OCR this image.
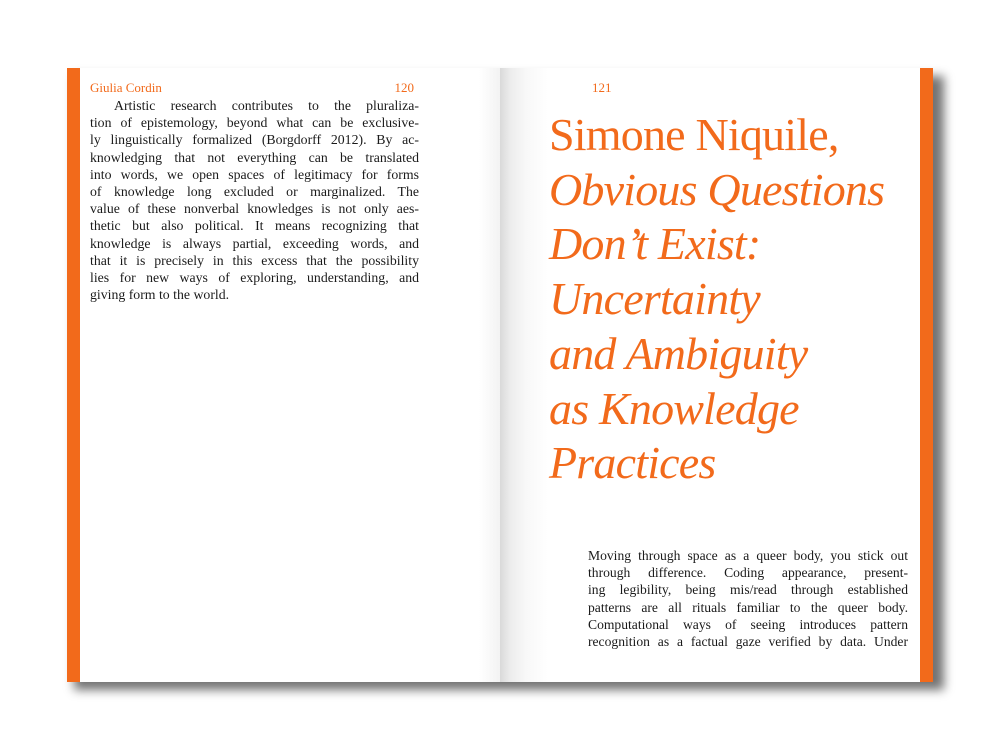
Giulia Cordin	120

Artistic research contributes to the pluraliza-
tion of epistemology, beyond what can be exclusive-
ly linguistically formalized (Borgdorff 2012). By ac-
knowledging that not everything can be translated
into words, we open spaces of legitimacy for forms
of knowledge long excluded or marginalized. The
value of these nonverbal knowledges is not only aes-
thetic but also political. It means recognizing that
knowledge is always partial, exceeding words, and
that it is precisely in this excess that the possibility
lies for new ways of exploring, understanding, and
giving form to the world.

121
Simone Niquile,
Obvious Questions
Don’t Exist:
Uncertainty
and Ambiguity
as Knowledge
Practices

Moving through space as a queer body, you stick out
through difference. Coding appearance, present-
ing legibility, being mis/read through established
patterns are all rituals familiar to the queer body.
Computational ways of seeing introduces pattern
recognition as a factual gaze verified by data. Under
